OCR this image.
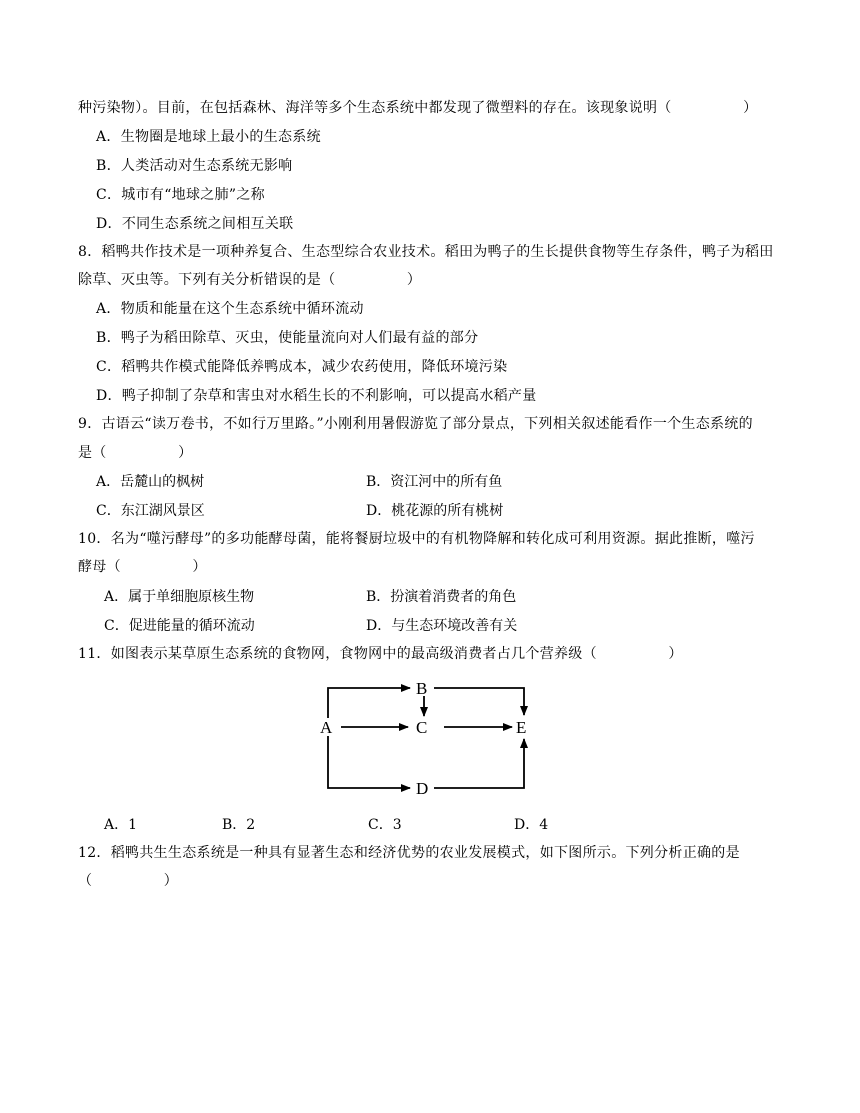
种污染物）。目前，在包括森林、海洋等多个生态系统中都发现了微塑料的存在。该现象说明（　　　　　）
A．生物圈是地球上最小的生态系统
B．人类活动对生态系统无影响
C．城市有“地球之肺”之称
D．不同生态系统之间相互关联
8．稻鸭共作技术是一项种养复合、生态型综合农业技术。稻田为鸭子的生长提供食物等生存条件，鸭子为稻田
除草、灭虫等。下列有关分析错误的是（　　　　　）
A．物质和能量在这个生态系统中循环流动
B．鸭子为稻田除草、灭虫，使能量流向对人们最有益的部分
C．稻鸭共作模式能降低养鸭成本，减少农药使用，降低环境污染
D．鸭子抑制了杂草和害虫对水稻生长的不利影响，可以提高水稻产量
9．古语云“读万卷书，不如行万里路。”小刚利用暑假游览了部分景点，下列相关叙述能看作一个生态系统的
是（　　　　　）
A．岳麓山的枫树	B．资江河中的所有鱼
C．东江湖风景区	D．桃花源的所有桃树
10．名为“噬污酵母”的多功能酵母菌，能将餐厨垃圾中的有机物降解和转化成可利用资源。据此推断，噬污
酵母（　　　　　）
A．属于单细胞原核生物	B．扮演着消费者的角色
C．促进能量的循环流动	D．与生态环境改善有关
11．如图表示某草原生态系统的食物网，食物网中的最高级消费者占几个营养级（　　　　　）
A
B
C
D
E
A．1	B．2	C．3	D．4
12．稻鸭共生生态系统是一种具有显著生态和经济优势的农业发展模式，如下图所示。下列分析正确的是
（　　　　　）
